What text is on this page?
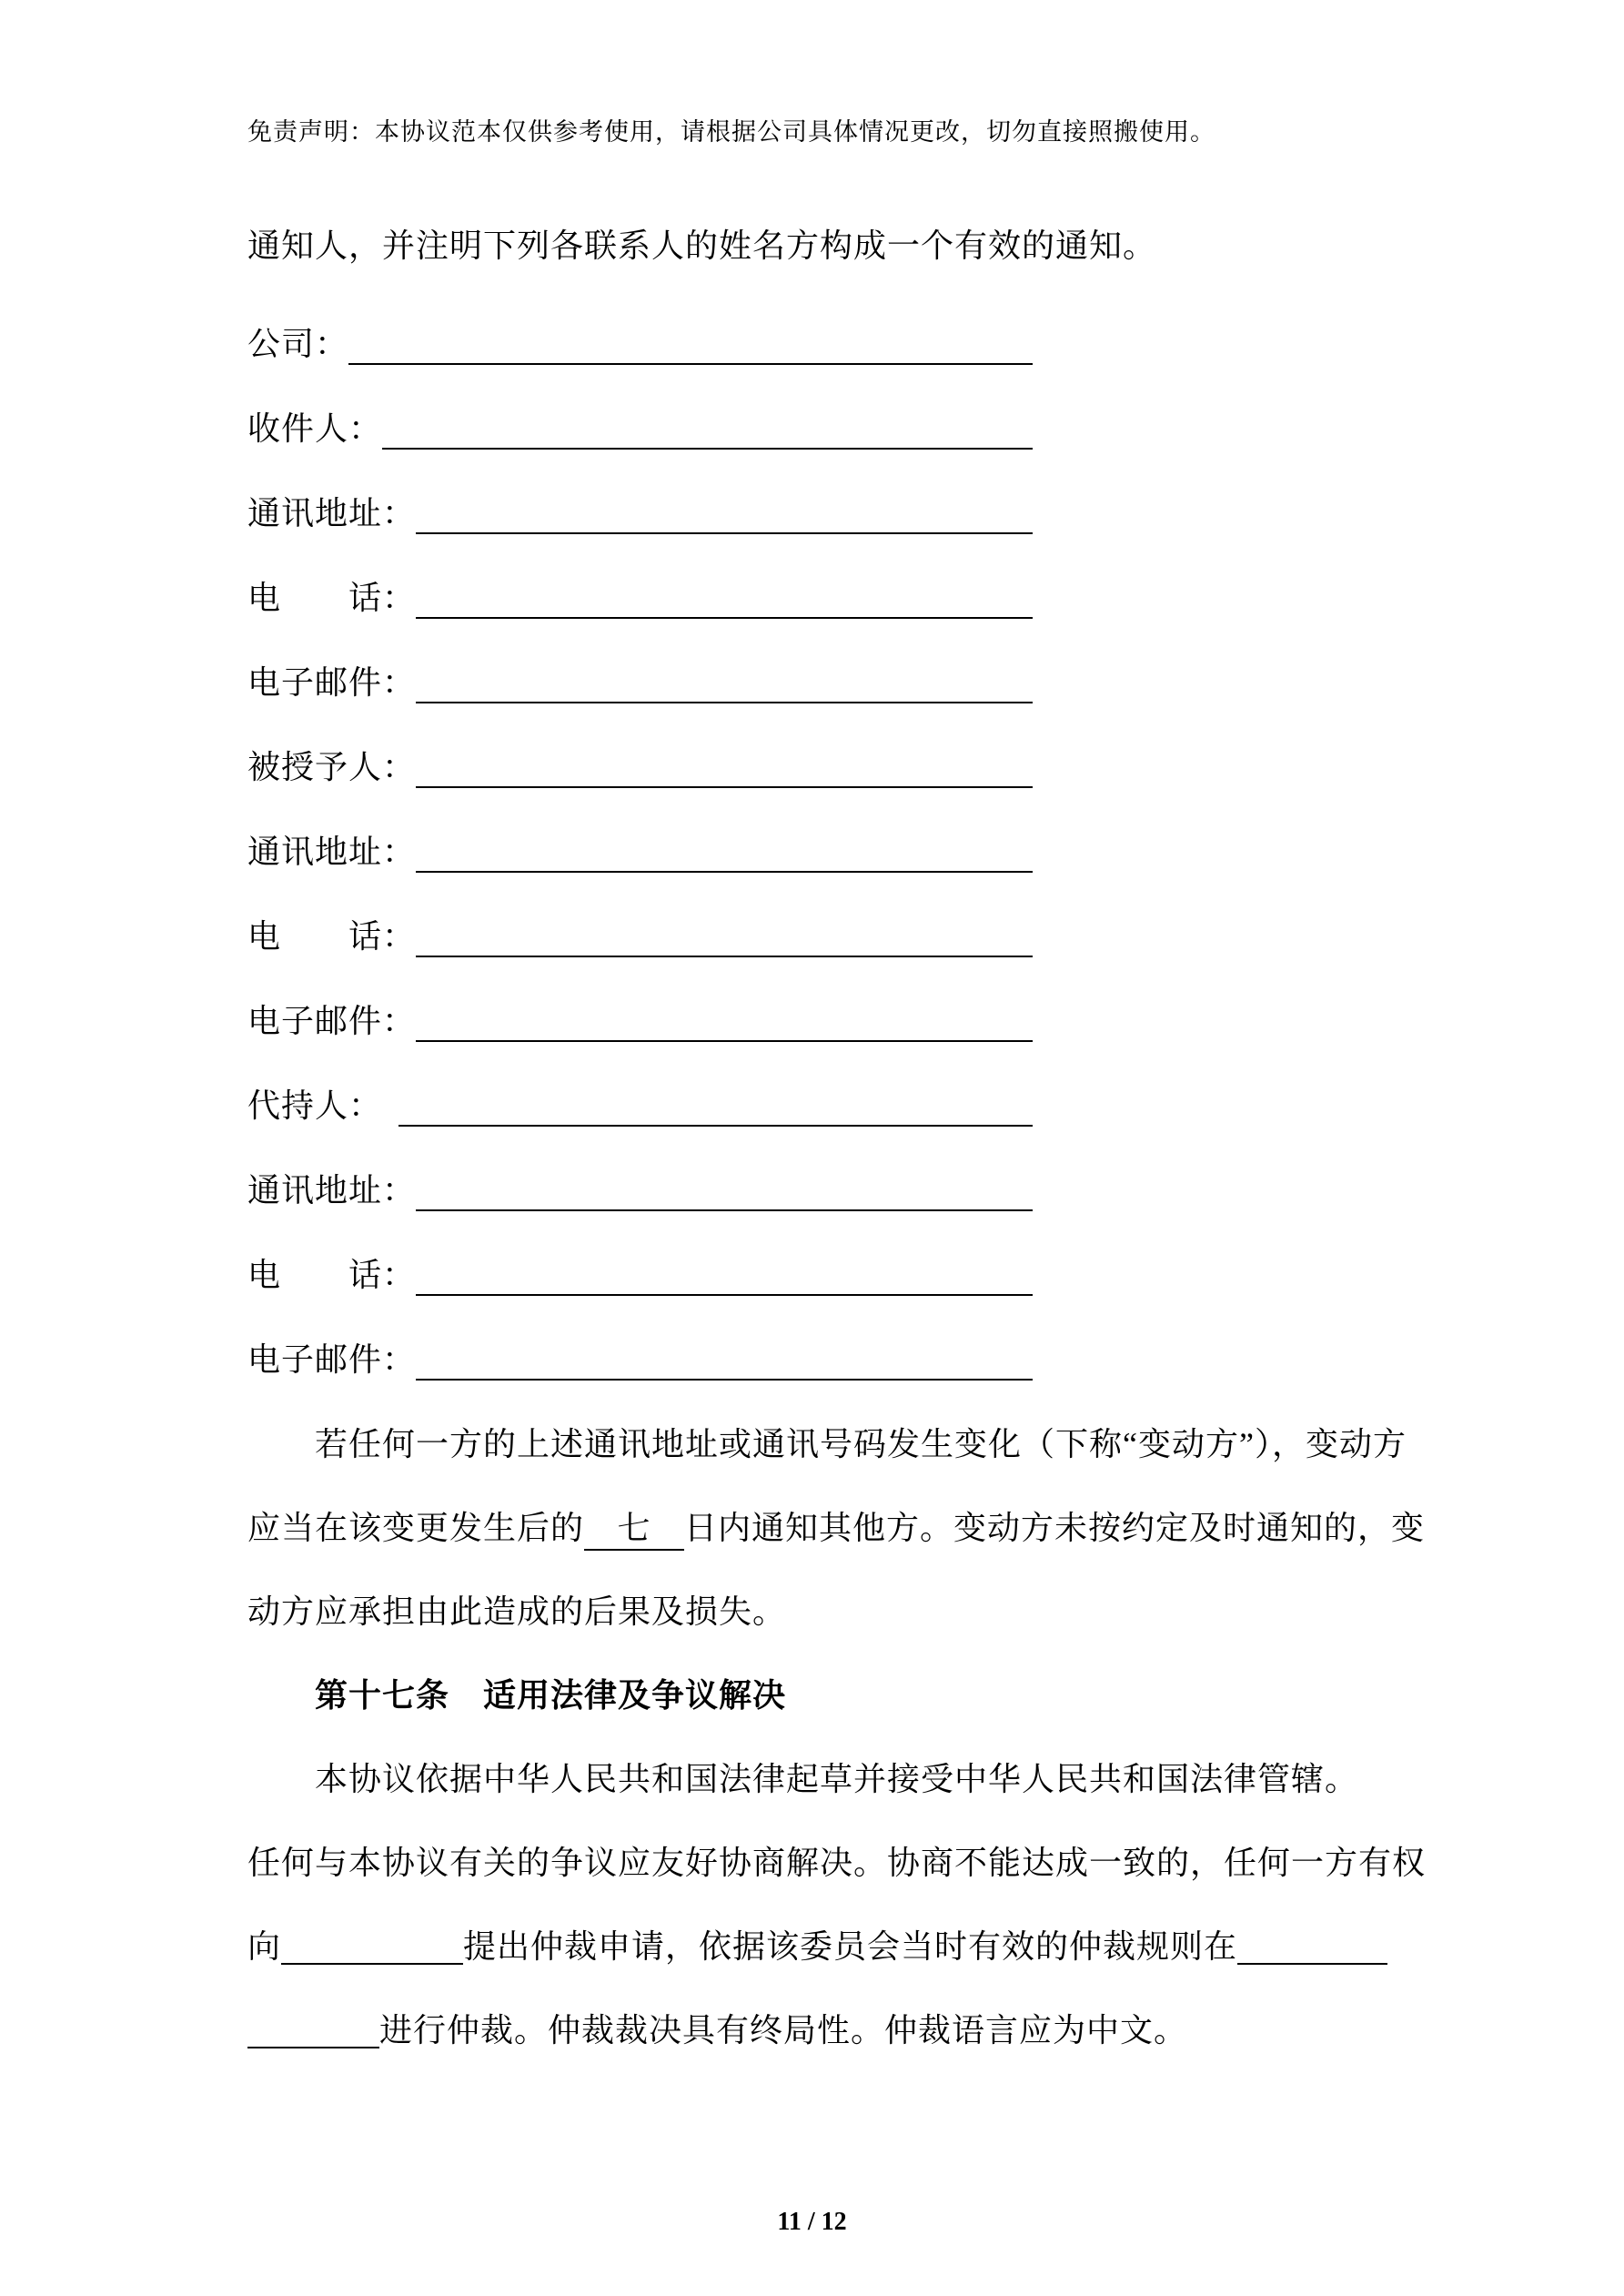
免责声明：本协议范本仅供参考使用，请根据公司具体情况更改，切勿直接照搬使用。
通知人，并注明下列各联系人的姓名方构成一个有效的通知。
公司：
收件人：
通讯地址：
电　　话：
电子邮件：
被授予人：
通讯地址：
电　　话：
电子邮件：
代持人：
通讯地址：
电　　话：
电子邮件：
若任何一方的上述通讯地址或通讯号码发生变化（下称“变动方”），变动方
应当在该变更发生后的 七 日内通知其他方。变动方未按约定及时通知的，变
动方应承担由此造成的后果及损失。
第十七条　适用法律及争议解决
本协议依据中华人民共和国法律起草并接受中华人民共和国法律管辖。
任何与本协议有关的争议应友好协商解决。协商不能达成一致的，任何一方有权
向	提出仲裁申请，依据该委员会当时有效的仲裁规则在
进行仲裁。仲裁裁决具有终局性。仲裁语言应为中文。
11 / 12
